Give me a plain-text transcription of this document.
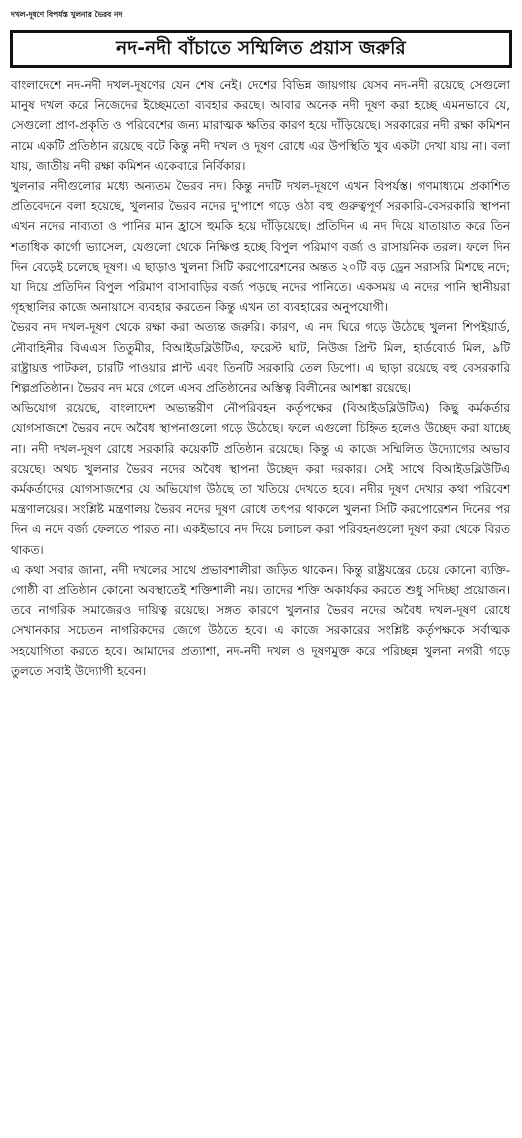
দখল-দূষণে বিপর্যস্ত খুলনার ভৈরব নদ
নদ-নদী বাঁচাতে সম্মিলিত প্রয়াস জরুরি

বাংলাদেশে নদ-নদী দখল-দূষণের যেন শেষ নেই। দেশের বিভিন্ন জায়গায় যেসব নদ-নদী রয়েছে সেগুলো মানুষ দখল করে নিজেদের ইচ্ছেমতো ব্যবহার করছে। আবার অনেক নদী দূষণ করা হচ্ছে এমনভাবে যে, সেগুলো প্রাণ-প্রকৃতি ও পরিবেশের জন্য মারাত্মক ক্ষতির কারণ হয়ে দাঁড়িয়েছে। সরকারের নদী রক্ষা কমিশন নামে একটি প্রতিষ্ঠান রয়েছে বটে কিন্তু নদী দখল ও দূষণ রোধে এর উপস্থিতি খুব একটা দেখা যায় না। বলা যায়, জাতীয় নদী রক্ষা কমিশন একেবারে নির্বিকার।

খুলনার নদীগুলোর মধ্যে অন্যতম ভৈরব নদ। কিন্তু নদটি দখল-দূষণে এখন বিপর্যস্ত। গণমাধ্যমে প্রকাশিত প্রতিবেদনে বলা হয়েছে, খুলনার ভৈরব নদের দু'পাশে গড়ে ওঠা বহু গুরুত্বপূর্ণ সরকারি-বেসরকারি স্থাপনা এখন নদের নাব্যতা ও পানির মান হ্রাসে হুমকি হয়ে দাঁড়িয়েছে। প্রতিদিন এ নদ দিয়ে যাতায়াত করে তিন শতাধিক কার্গো ভ্যাসেল, যেগুলো থেকে নিক্ষিপ্ত হচ্ছে বিপুল পরিমাণ বর্জ্য ও রাসায়নিক তরল। ফলে দিন দিন বেড়েই চলেছে দূষণ। এ ছাড়াও খুলনা সিটি করপোরেশনের অন্তত ২০টি বড় ড্রেন সরাসরি মিশছে নদে; যা দিয়ে প্রতিদিন বিপুল পরিমাণ বাসাবাড়ির বর্জ্য পড়ছে নদের পানিতে। একসময় এ নদের পানি স্থানীয়রা গৃহস্থালির কাজে অনায়াসে ব্যবহার করতেন কিন্তু এখন তা ব্যবহারের অনুপযোগী।

ভৈরব নদ দখল-দূষণ থেকে রক্ষা করা অত্যন্ত জরুরি। কারণ, এ নদ ঘিরে গড়ে উঠেছে খুলনা শিপইয়ার্ড, নৌবাহিনীর বিএএস তিতুমীর, বিআইডব্লিউটিএ, ফরেস্ট ঘাট, নিউজ প্রিন্ট মিল, হার্ডবোর্ড মিল, ৯টি রাষ্ট্রায়ত্ত পাটকল, চারটি পাওয়ার প্লান্ট এবং তিনটি সরকারি তেল ডিপো। এ ছাড়া রয়েছে বহু বেসরকারি শিল্পপ্রতিষ্ঠান। ভৈরব নদ মরে গেলে এসব প্রতিষ্ঠানের অস্তিত্ব বিলীনের আশঙ্কা রয়েছে।

অভিযোগ রয়েছে, বাংলাদেশ অভ্যন্তরীণ নৌপরিবহন কর্তৃপক্ষের (বিআইডব্লিউটিএ) কিছু কর্মকর্তার যোগসাজশে ভৈরব নদে অবৈধ স্থাপনাগুলো গড়ে উঠেছে। ফলে এগুলো চিহ্নিত হলেও উচ্ছেদ করা যাচ্ছে না। নদী দখল-দূষণ রোধে সরকারি কয়েকটি প্রতিষ্ঠান রয়েছে। কিন্তু এ কাজে সম্মিলিত উদ্যোগের অভাব রয়েছে। অথচ খুলনার ভৈরব নদের অবৈধ স্থাপনা উচ্ছেদ করা দরকার। সেই সাথে বিআইডব্লিউটিএ কর্মকর্তাদের যোগসাজশের যে অভিযোগ উঠছে তা খতিয়ে দেখতে হবে। নদীর দূষণ দেখার কথা পরিবেশ মন্ত্রণালয়ের। সংশ্লিষ্ট মন্ত্রণালয় ভৈরব নদের দূষণ রোধে তৎপর থাকলে খুলনা সিটি করপোরেশন দিনের পর দিন এ নদে বর্জ্য ফেলতে পারত না। একইভাবে নদ দিয়ে চলাচল করা পরিবহনগুলো দূষণ করা থেকে বিরত থাকত।

এ কথা সবার জানা, নদী দখলের সাথে প্রভাবশালীরা জড়িত থাকেন। কিন্তু রাষ্ট্রযন্ত্রের চেয়ে কোনো ব্যক্তি-গোষ্ঠী বা প্রতিষ্ঠান কোনো অবস্থাতেই শক্তিশালী নয়। তাদের শক্তি অকার্যকর করতে শুধু সদিচ্ছা প্রয়োজন। তবে নাগরিক সমাজেরও দায়িত্ব রয়েছে। সঙ্গত কারণে খুলনার ভৈরব নদের অবৈধ দখল-দূষণ রোধে সেখানকার সচেতন নাগরিকদের জেগে উঠতে হবে। এ কাজে সরকারের সংশ্লিষ্ট কর্তৃপক্ষকে সর্বাত্মক সহযোগিতা করতে হবে। আমাদের প্রত্যাশা, নদ-নদী দখল ও দূষণমুক্ত করে পরিচ্ছন্ন খুলনা নগরী গড়ে তুলতে সবাই উদ্যোগী হবেন।
